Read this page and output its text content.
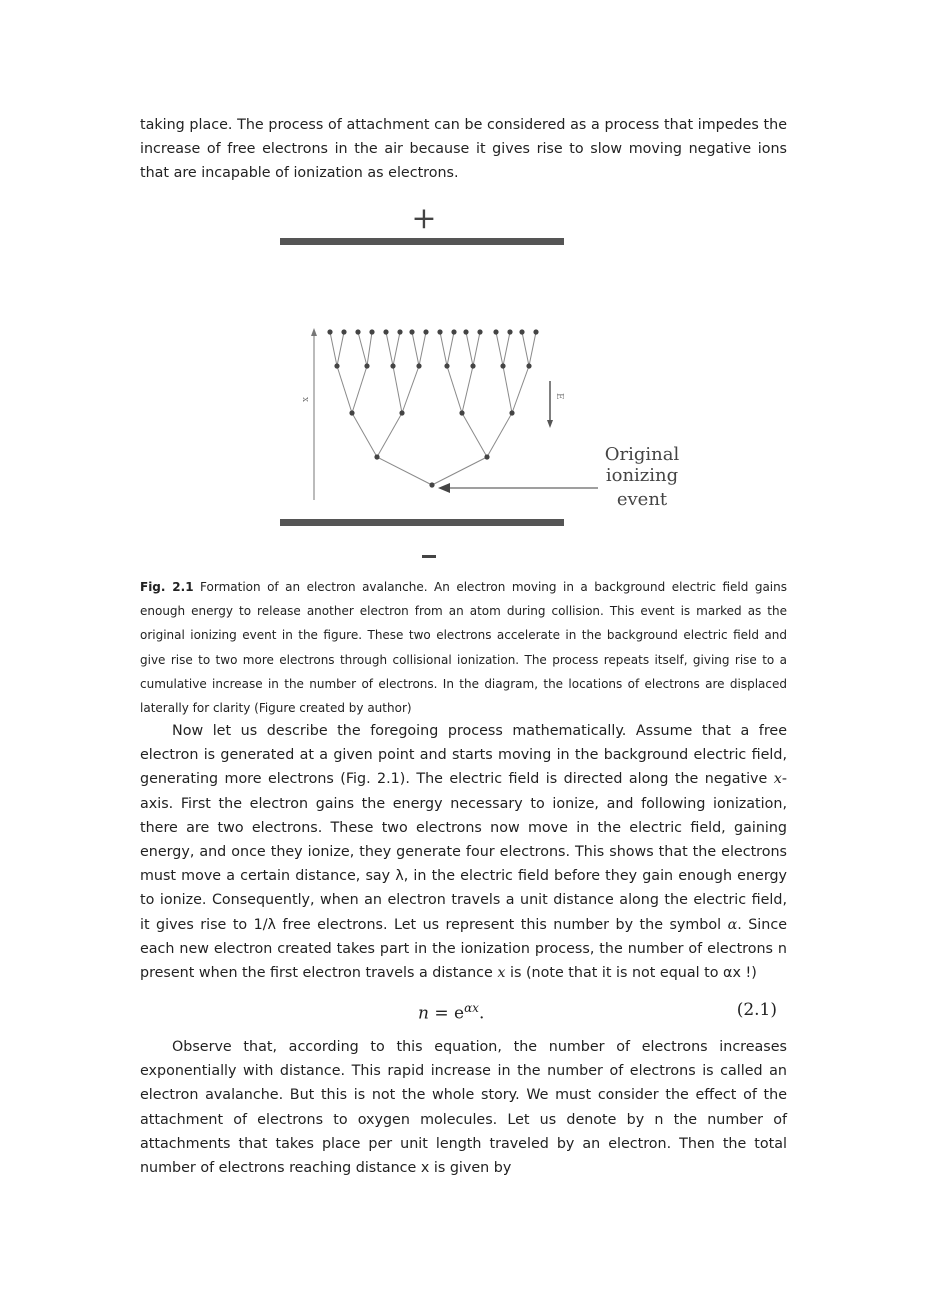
taking place. The process of attachment can be considered as a process that impedes the increase of free electrons in the air because it gives rise to slow moving negative ions that are incapable of ionization as electrons.

+
x	E
Original
ionizing
event

Fig. 2.1 Formation of an electron avalanche. An electron moving in a background electric field gains enough energy to release another electron from an atom during collision. This event is marked as the original ionizing event in the figure. These two electrons accelerate in the background electric field and give rise to two more electrons through collisional ionization. The process repeats itself, giving rise to a cumulative increase in the number of electrons. In the diagram, the locations of electrons are displaced laterally for clarity (Figure created by author)

Now let us describe the foregoing process mathematically. Assume that a free electron is generated at a given point and starts moving in the background electric field, generating more electrons (Fig. 2.1). The electric field is directed along the negative x-axis. First the electron gains the energy necessary to ionize, and following ionization, there are two electrons. These two electrons now move in the electric field, gaining energy, and once they ionize, they generate four electrons. This shows that the electrons must move a certain distance, say λ, in the electric field before they gain enough energy to ionize. Consequently, when an electron travels a unit distance along the electric field, it gives rise to 1/λ free electrons. Let us represent this number by the symbol α. Since each new electron created takes part in the ionization process, the number of electrons n present when the first electron travels a distance x is (note that it is not equal to αx !)

$n = e^{\alpha x}$.	(2.1)

Observe that, according to this equation, the number of electrons increases exponentially with distance. This rapid increase in the number of electrons is called an electron avalanche. But this is not the whole story. We must consider the effect of the attachment of electrons to oxygen molecules. Let us denote by n the number of attachments that takes place per unit length traveled by an electron. Then the total number of electrons reaching distance x is given by
